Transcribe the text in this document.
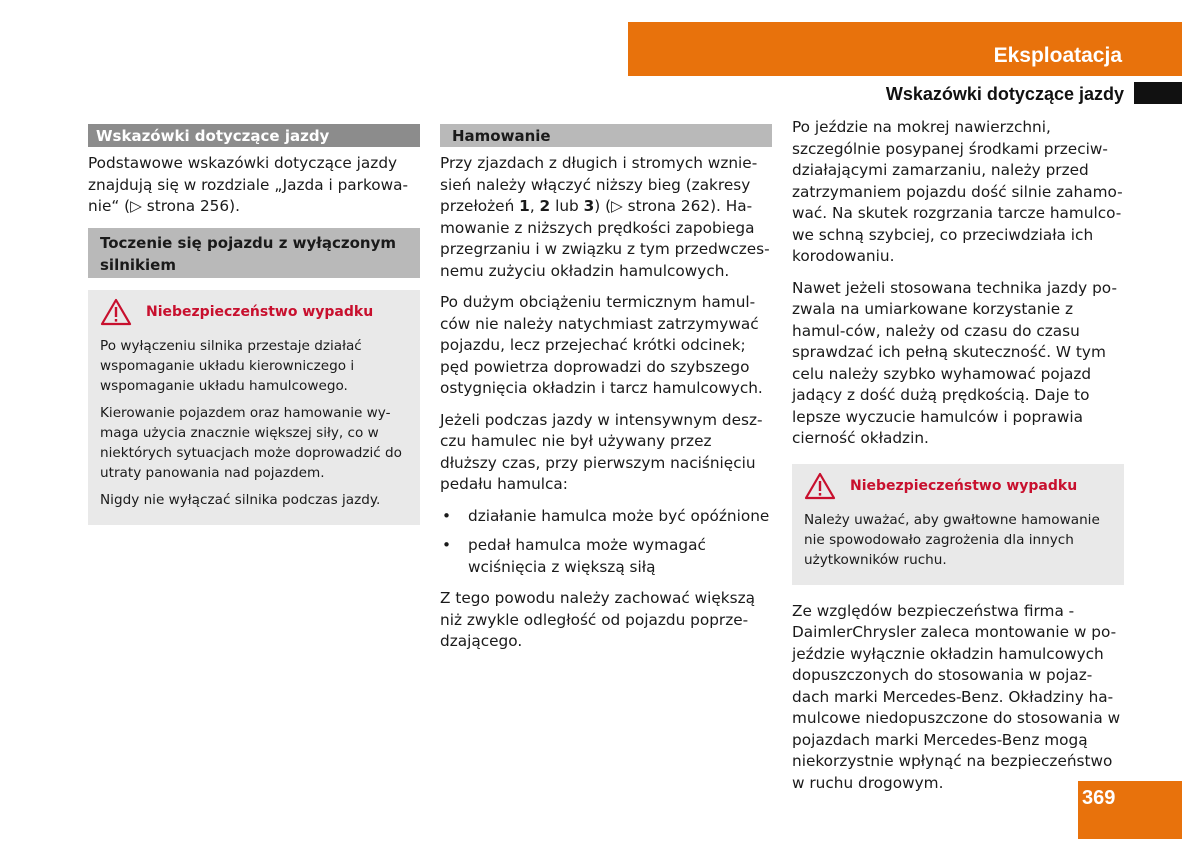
Eksploatacja
Wskazówki dotyczące jazdy
Wskazówki dotyczące jazdy

Podstawowe wskazówki dotyczące jazdy znajdują się w rozdziale „Jazda i parkowa-nie“ (▷ strona 256).

Toczenie się pojazdu z wyłączonym silnikiem
Niebezpieczeństwo wypadku

Po wyłączeniu silnika przestaje działać wspomaganie układu kierowniczego i wspomaganie układu hamulcowego.

Kierowanie pojazdem oraz hamowanie wy-maga użycia znacznie większej siły, co w niektórych sytuacjach może doprowadzić do utraty panowania nad pojazdem.

Nigdy nie wyłączać silnika podczas jazdy.

Hamowanie

Przy zjazdach z długich i stromych wznie-sień należy włączyć niższy bieg (zakresy przełożeń 1, 2 lub 3) (▷ strona 262). Ha-mowanie z niższych prędkości zapobiega przegrzaniu i w związku z tym przedwczes-nemu zużyciu okładzin hamulcowych.

Po dużym obciążeniu termicznym hamul-ców nie należy natychmiast zatrzymywać pojazdu, lecz przejechać krótki odcinek; pęd powietrza doprowadzi do szybszego ostygnięcia okładzin i tarcz hamulcowych.

Jeżeli podczas jazdy w intensywnym desz-czu hamulec nie był używany przez dłuższy czas, przy pierwszym naciśnięciu pedału hamulca:

• działanie hamulca może być opóźnione
• pedał hamulca może wymagać wciśnięcia z większą siłą

Z tego powodu należy zachować większą niż zwykle odległość od pojazdu poprze-dzającego.

Po jeździe na mokrej nawierzchni, szczególnie posypanej środkami przeciw-działającymi zamarzaniu, należy przed zatrzymaniem pojazdu dość silnie zahamo-wać. Na skutek rozgrzania tarcze hamulco-we schną szybciej, co przeciwdziała ich korodowaniu.

Nawet jeżeli stosowana technika jazdy po-zwala na umiarkowane korzystanie z hamul-ców, należy od czasu do czasu sprawdzać ich pełną skuteczność. W tym celu należy szybko wyhamować pojazd jadący z dość dużą prędkością. Daje to lepsze wyczucie hamulców i poprawia cierność okładzin.

Niebezpieczeństwo wypadku

Należy uważać, aby gwałtowne hamowanie nie spowodowało zagrożenia dla innych użytkowników ruchu.

Ze względów bezpieczeństwa firma - DaimlerChrysler zaleca montowanie w po-jeździe wyłącznie okładzin hamulcowych dopuszczonych do stosowania w pojaz-dach marki Mercedes-Benz. Okładziny ha-mulcowe niedopuszczone do stosowania w pojazdach marki Mercedes-Benz mogą niekorzystnie wpłynąć na bezpieczeństwo w ruchu drogowym.

369
